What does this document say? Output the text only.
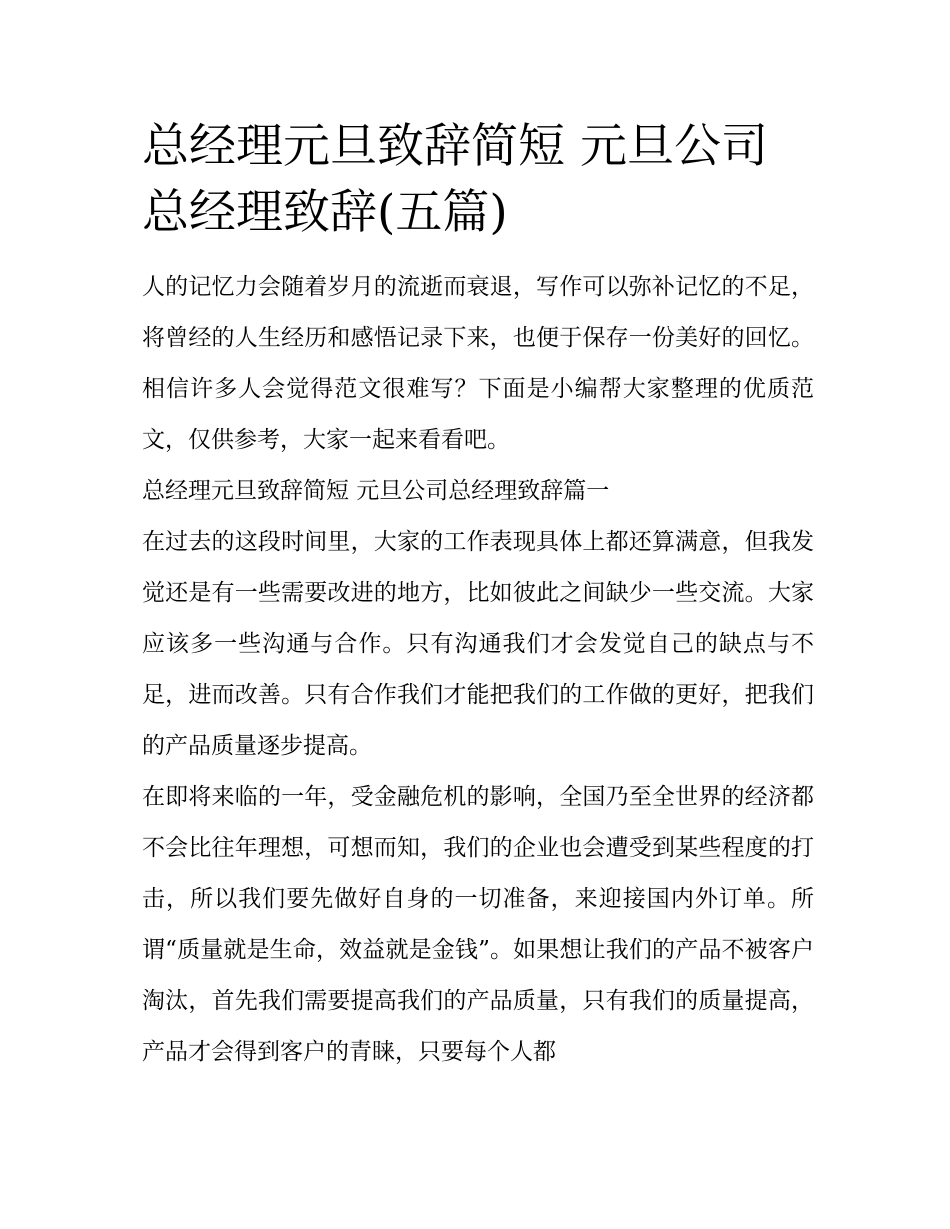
总经理元旦致辞简短 元旦公司总经理致辞(五篇)

人的记忆力会随着岁月的流逝而衰退，写作可以弥补记忆的不足，将曾经的人生经历和感悟记录下来，也便于保存一份美好的回忆。相信许多人会觉得范文很难写？下面是小编帮大家整理的优质范文，仅供参考，大家一起来看看吧。

总经理元旦致辞简短 元旦公司总经理致辞篇一

在过去的这段时间里，大家的工作表现具体上都还算满意，但我发觉还是有一些需要改进的地方，比如彼此之间缺少一些交流。大家应该多一些沟通与合作。只有沟通我们才会发觉自己的缺点与不足，进而改善。只有合作我们才能把我们的工作做的更好，把我们的产品质量逐步提高。

在即将来临的一年，受金融危机的影响，全国乃至全世界的经济都不会比往年理想，可想而知，我们的企业也会遭受到某些程度的打击，所以我们要先做好自身的一切准备，来迎接国内外订单。所谓“质量就是生命，效益就是金钱”。如果想让我们的产品不被客户淘汰，首先我们需要提高我们的产品质量，只有我们的质量提高，产品才会得到客户的青睐，只要每个人都
